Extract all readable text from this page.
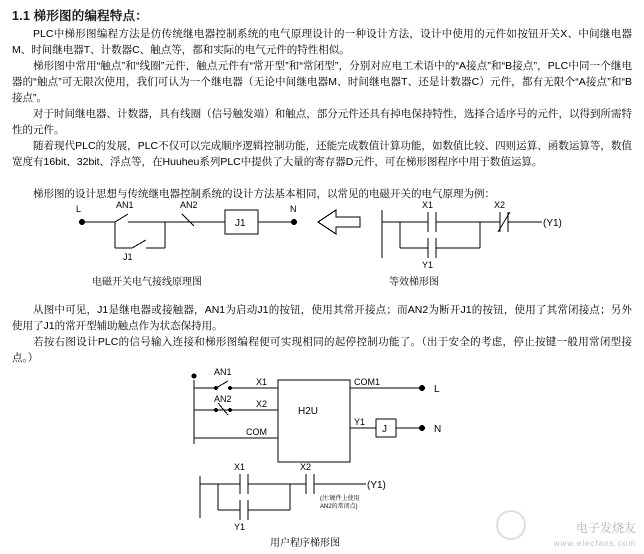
1.1 梯形图的编程特点：

PLC中梯形图编程方法是仿传统继电器控制系统的电气原理设计的一种设计方法，设计中使用的元件如按钮开关X、中间继电器M、时间继电器T、计数器C、触点等，都和实际的电气元件的特性相似。

梯形图中常用“触点”和“线圈”元件，触点元件有“常开型”和“常闭型”，分别对应电工术语中的“A接点”和“B接点”，PLC中同一个继电器的“触点”可无限次使用，我们可认为一个继电器（无论中间继电器M、时间继电器T、还是计数器C）元件，都有无限个“A接点”和“B接点”。

对于时间继电器、计数器，具有线圈（信号触发端）和触点，部分元件还具有掉电保持特性，选择合适序号的元件，以得到所需特性的元件。

随着现代PLC的发展，PLC不仅可以完成顺序逻辑控制功能，还能完成数值计算功能，如数值比较、四则运算、函数运算等，数值宽度有16bit、32bit、浮点等，在Huuheu系列PLC中提供了大量的寄存器D元件，可在梯形图程序中用于数值运算。

梯形图的设计思想与传统继电器控制系统的设计方法基本相同，以常见的电磁开关的电气原理为例：

从图中可见，J1是继电器或接触器，AN1为启动J1的按钮，使用其常开接点；而AN2为断开J1的按钮，使用了其常闭接点；另外使用了J1的常开型辅助触点作为状态保持用。

若按右图设计PLC的信号输入连接和梯形图编程便可实现相同的起停控制功能了。（出于安全的考虑，停止按键一般用常闭型接点。）

L	AN1	AN2
J1
N
J1
X1	X2
(Y1)
Y1
电磁开关电气接线原理图	等效梯形图
H2U
AN1
X1
AN2	X2
COM
COM1
L
Y1
J	N
X1	X2
(Y1)
Y1
(注:硬件上使用
AN2的常闭点)
用户程序梯形图
电子发烧友
www.elecfans.com
